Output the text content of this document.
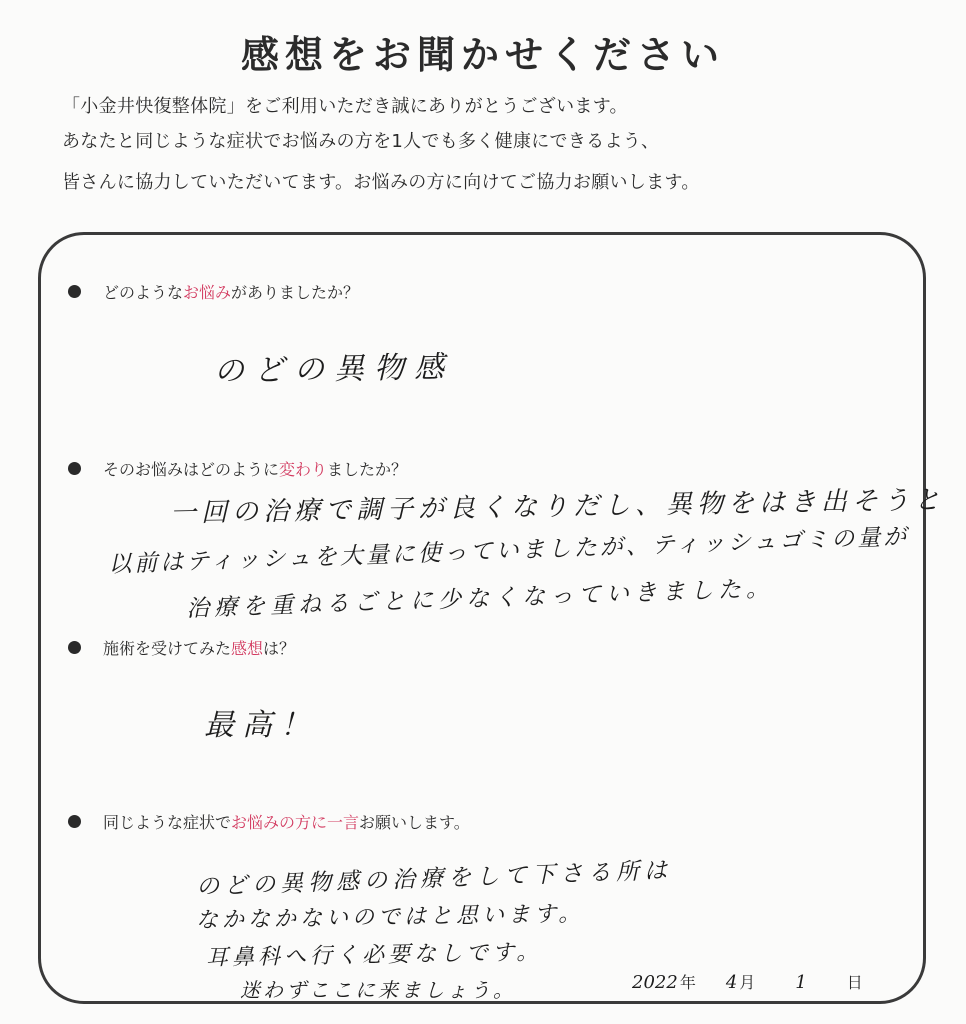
感想をお聞かせください
「小金井快復整体院」をご利用いただき誠にありがとうございます。
あなたと同じような症状でお悩みの方を1人でも多く健康にできるよう、
皆さんに協力していただいてます。お悩みの方に向けてご協力お願いします。
どのような お悩み がありましたか？
のどの異物感
そのお悩みはどのように 変わり ましたか？
一回の治療で調子が良くなりだし、異物をはき出そうと
以前はティッシュを大量に使っていましたが、ティッシュゴミの量が
治療を重ねるごとに少なくなっていきました。
施術を受けてみた 感想 は？
最高！
同じような症状で お悩みの方に一言 お願いします。
のどの異物感の治療をして下さる所は
なかなかないのではと思います。
耳鼻科へ行く必要なしです。
迷わずここに来ましょう。	2022 年 4 月 1	日
